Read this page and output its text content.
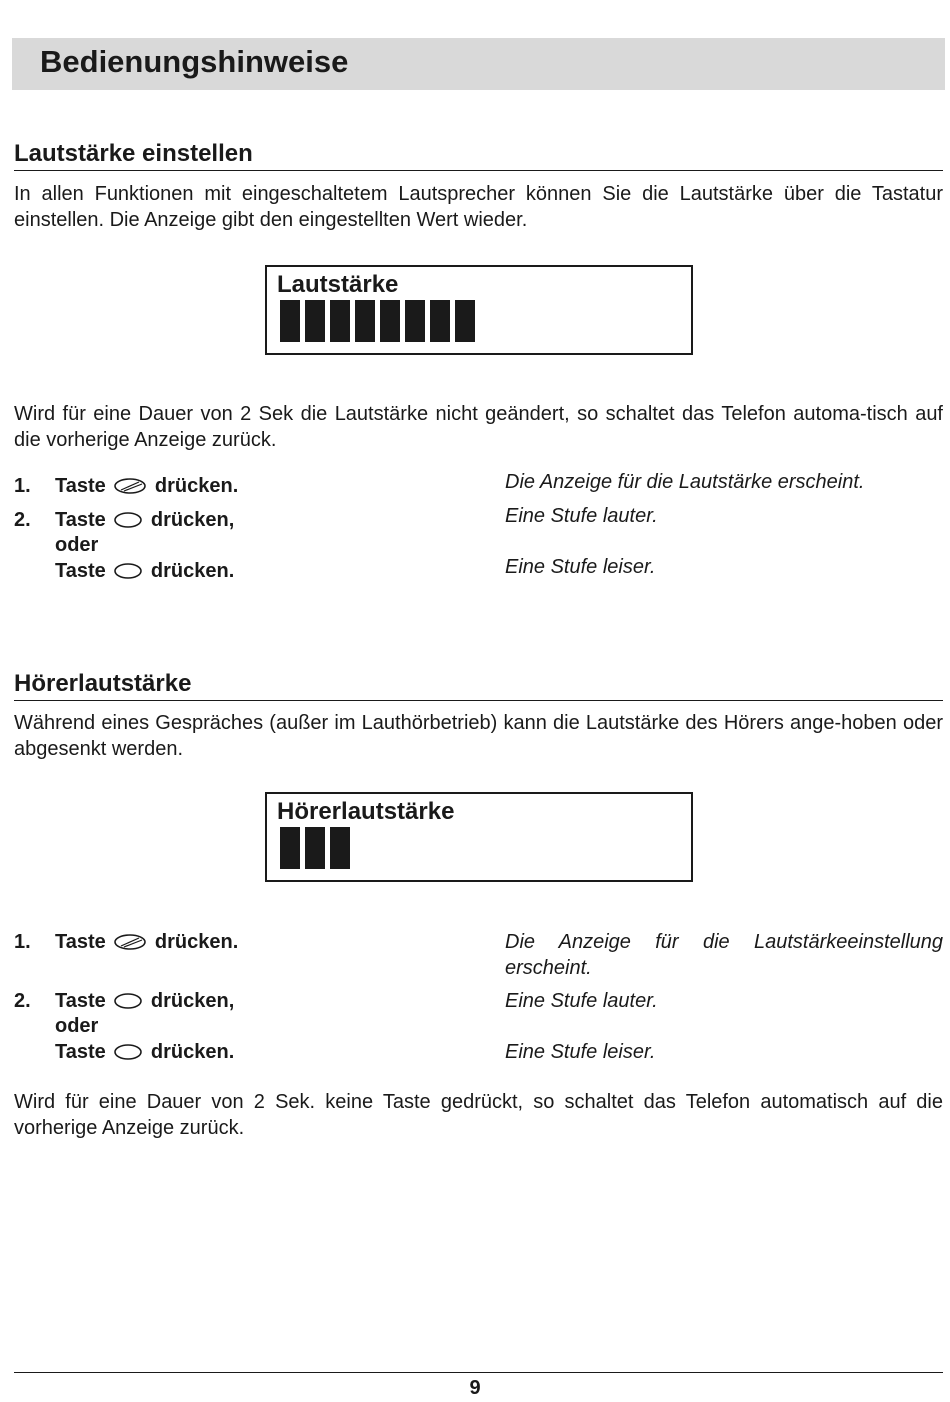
Bedienungshinweise
Lautstärke einstellen
In allen Funktionen mit eingeschaltetem Lautsprecher können Sie die Lautstärke über die Tastatur einstellen. Die Anzeige gibt den eingestellten Wert wieder.
Lautstärke
Wird für eine Dauer von 2 Sek die Lautstärke nicht geändert, so schaltet das Telefon automa-tisch auf die vorherige Anzeige zurück.
1. Taste drücken.	Die Anzeige für die Lautstärke erscheint.
2. Taste drücken,	Eine Stufe lauter.
oder
Taste drücken.	Eine Stufe leiser.
Hörerlautstärke
Während eines Gespräches (außer im Lauthörbetrieb) kann die Lautstärke des Hörers ange-hoben oder abgesenkt werden.
Hörerlautstärke
1. Taste drücken.	Die Anzeige für die Lautstärkeeinstellung erscheint.
2. Taste drücken,	Eine Stufe lauter.
oder
Taste drücken.	Eine Stufe leiser.
Wird für eine Dauer von 2 Sek. keine Taste gedrückt, so schaltet das Telefon automatisch auf die vorherige Anzeige zurück.
9
